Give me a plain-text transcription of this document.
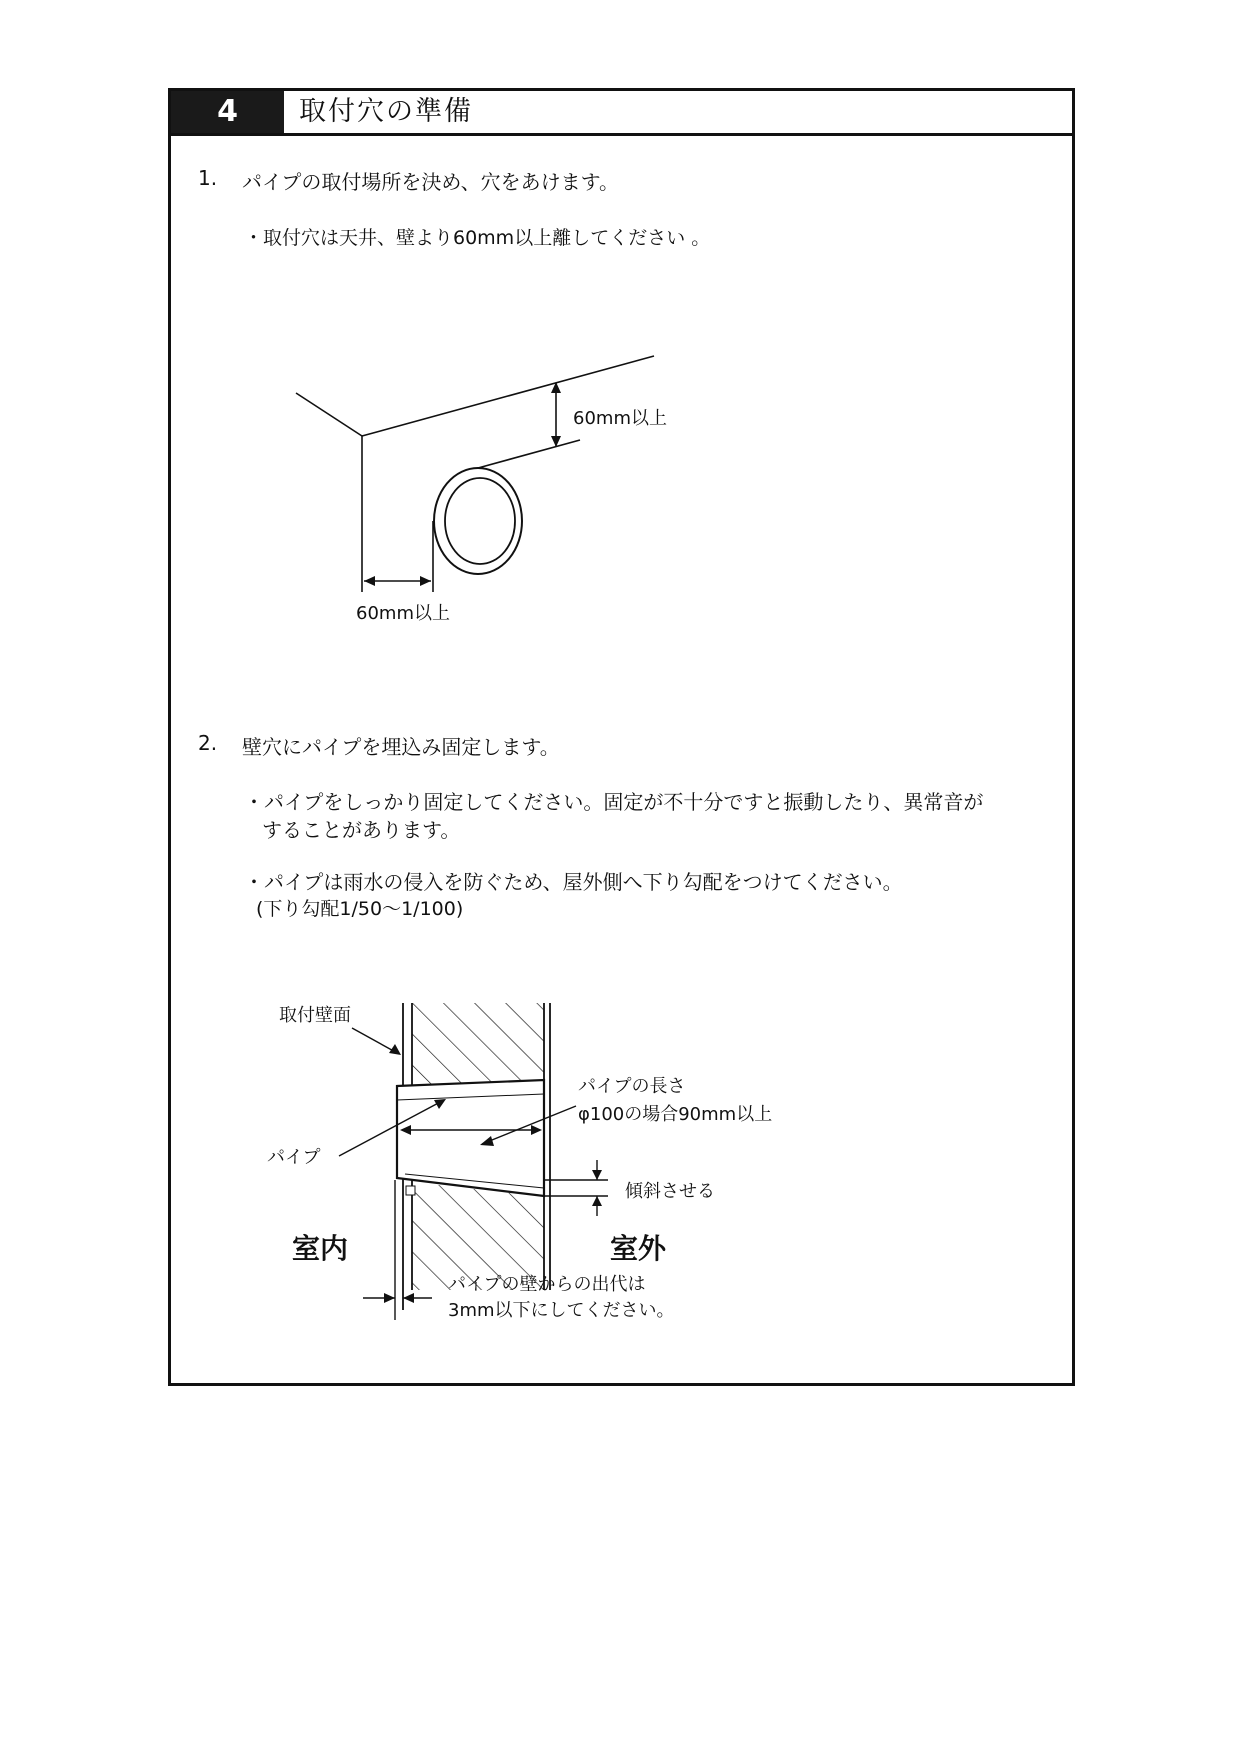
4	取付穴の準備
1. パイプの取付場所を決め、穴をあけます。
・取付穴は天井、壁より60mm以上離してください 。
60mm以上
60mm以上
2. 壁穴にパイプを埋込み固定します。
・パイプをしっかり固定してください。固定が不十分ですと振動したり、異常音が
することがあります。
・パイプは雨水の侵入を防ぐため、屋外側へ下り勾配をつけてください。
(下り勾配1/50～1/100)
取付壁面
パイプ
パイプの長さ
φ100の場合90mm以上
傾斜させる
室内	室外
パイプの壁からの出代は
3mm以下にしてください。
